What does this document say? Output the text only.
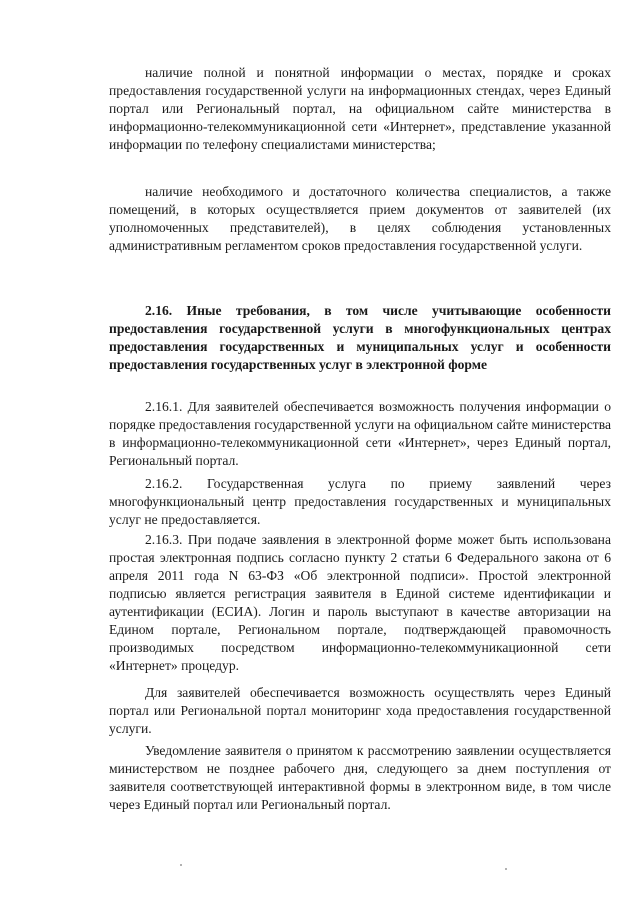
наличие полной и понятной информации о местах, порядке и сроках предоставления государственной услуги на информационных стендах, через Единый портал или Региональный портал, на официальном сайте министерства в информационно-телекоммуникационной сети «Интернет», представление указанной информации по телефону специалистами министерства;

наличие необходимого и достаточного количества специалистов, а также помещений, в которых осуществляется прием документов от заявителей (их уполномоченных представителей), в целях соблюдения установленных административным регламентом сроков предоставления государственной услуги.

2.16. Иные требования, в том числе учитывающие особенности предоставления государственной услуги в многофункциональных центрах предоставления государственных и муниципальных услуг и особенности предоставления государственных услуг в электронной форме

2.16.1. Для заявителей обеспечивается возможность получения информации о порядке предоставления государственной услуги на официальном сайте министерства в информационно-телекоммуникационной сети «Интернет», через Единый портал, Региональный портал.

2.16.2. Государственная услуга по приему заявлений через многофункциональный центр предоставления государственных и муниципальных услуг не предоставляется.

2.16.3. При подаче заявления в электронной форме может быть использована простая электронная подпись согласно пункту 2 статьи 6 Федерального закона от 6 апреля 2011 года N 63-ФЗ «Об электронной подписи». Простой электронной подписью является регистрация заявителя в Единой системе идентификации и аутентификации (ЕСИА). Логин и пароль выступают в качестве авторизации на Едином портале, Региональном портале, подтверждающей правомочность производимых посредством информационно-телекоммуникационной сети «Интернет» процедур.

Для заявителей обеспечивается возможность осуществлять через Единый портал или Региональной портал мониторинг хода предоставления государственной услуги.

Уведомление заявителя о принятом к рассмотрению заявлении осуществляется министерством не позднее рабочего дня, следующего за днем поступления от заявителя соответствующей интерактивной формы в электронном виде, в том числе через Единый портал или Региональный портал.
